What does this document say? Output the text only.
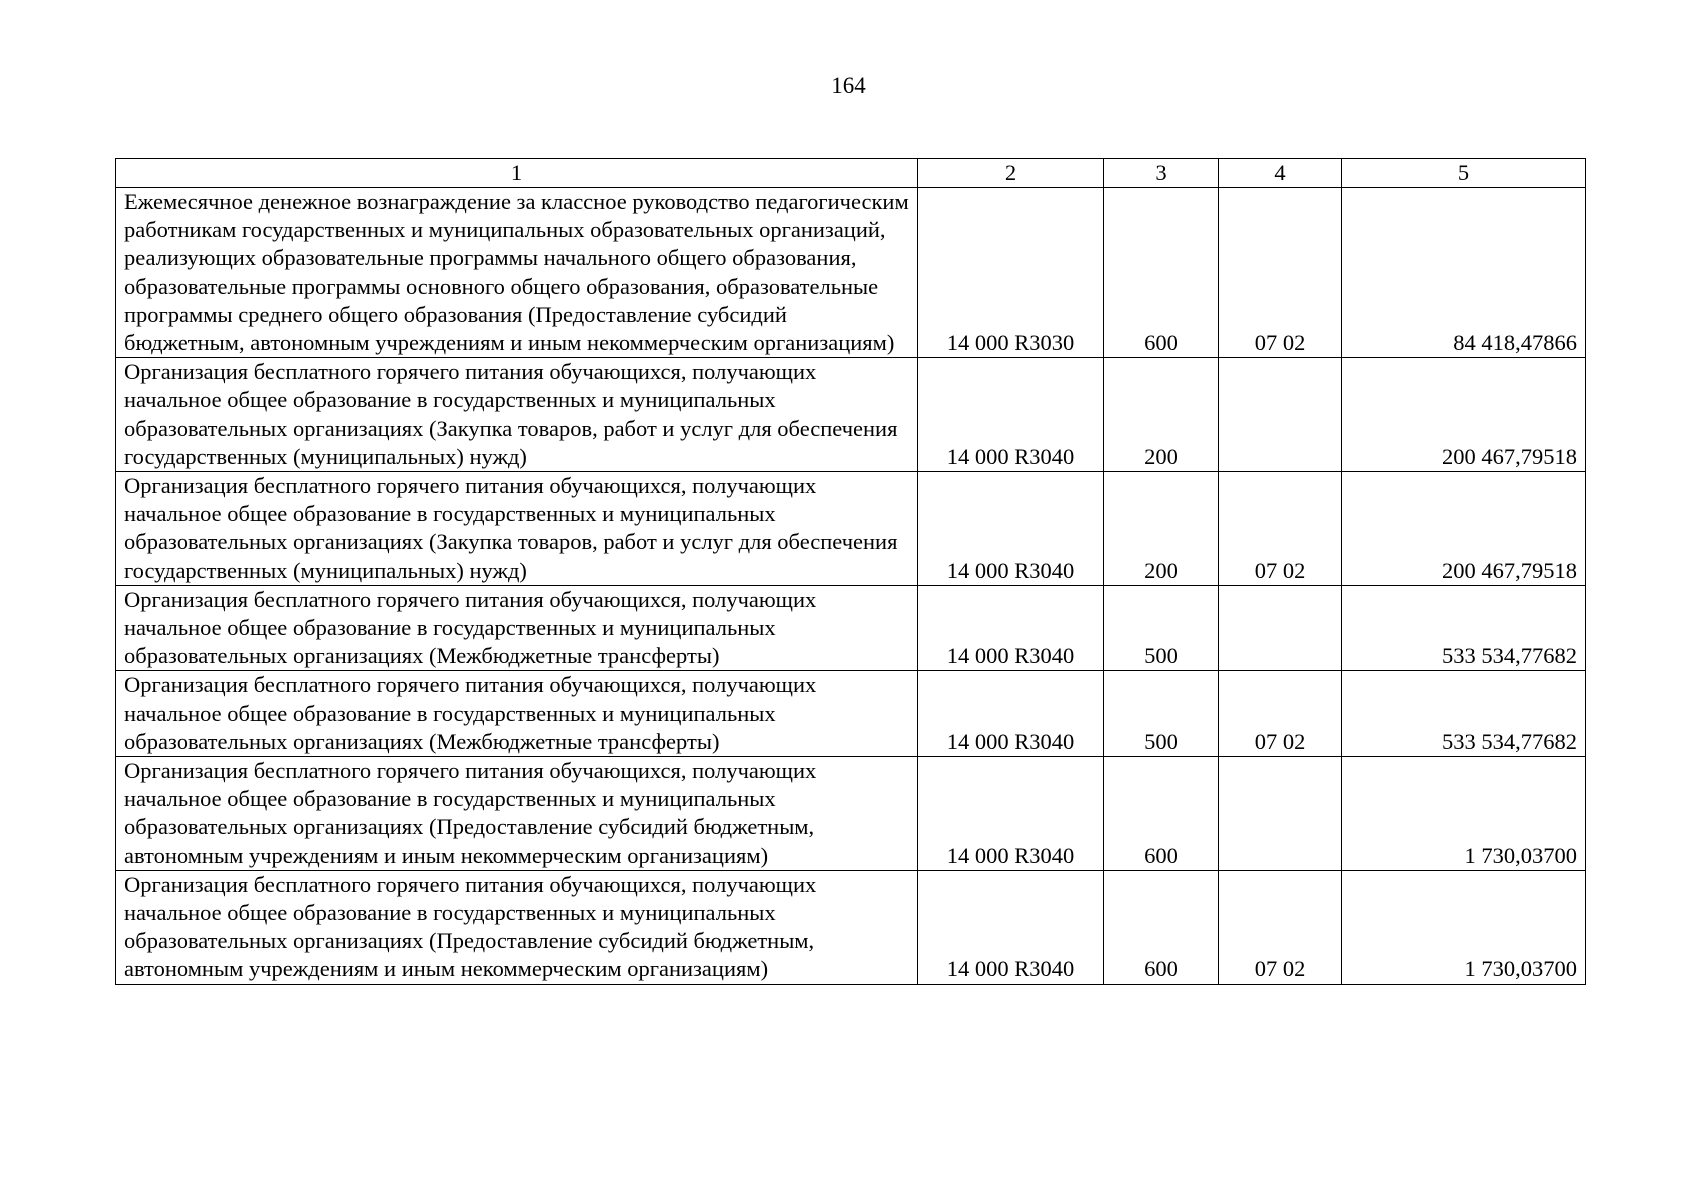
164
1	2	3	4	5
Ежемесячное денежное вознаграждение за классное руководство педагогическим работникам государственных и муниципальных образовательных организаций, реализующих образовательные программы начального общего образования, образовательные программы основного общего образования, образовательные программы среднего общего образования (Предоставление субсидий бюджетным, автономным учреждениям и иным некоммерческим организациям)	14 000 R3030	600	07 02	84 418,47866
Организация бесплатного горячего питания обучающихся, получающих начальное общее образование в государственных и муниципальных образовательных организациях (Закупка товаров, работ и услуг для обеспечения государственных (муниципальных) нужд)	14 000 R3040	200		200 467,79518
Организация бесплатного горячего питания обучающихся, получающих начальное общее образование в государственных и муниципальных образовательных организациях (Закупка товаров, работ и услуг для обеспечения государственных (муниципальных) нужд)	14 000 R3040	200	07 02	200 467,79518
Организация бесплатного горячего питания обучающихся, получающих начальное общее образование в государственных и муниципальных образовательных организациях (Межбюджетные трансферты)	14 000 R3040	500		533 534,77682
Организация бесплатного горячего питания обучающихся, получающих начальное общее образование в государственных и муниципальных образовательных организациях (Межбюджетные трансферты)	14 000 R3040	500	07 02	533 534,77682
Организация бесплатного горячего питания обучающихся, получающих начальное общее образование в государственных и муниципальных образовательных организациях (Предоставление субсидий бюджетным, автономным учреждениям и иным некоммерческим организациям)	14 000 R3040	600		1 730,03700
Организация бесплатного горячего питания обучающихся, получающих начальное общее образование в государственных и муниципальных образовательных организациях (Предоставление субсидий бюджетным, автономным учреждениям и иным некоммерческим организациям)	14 000 R3040	600	07 02	1 730,03700
